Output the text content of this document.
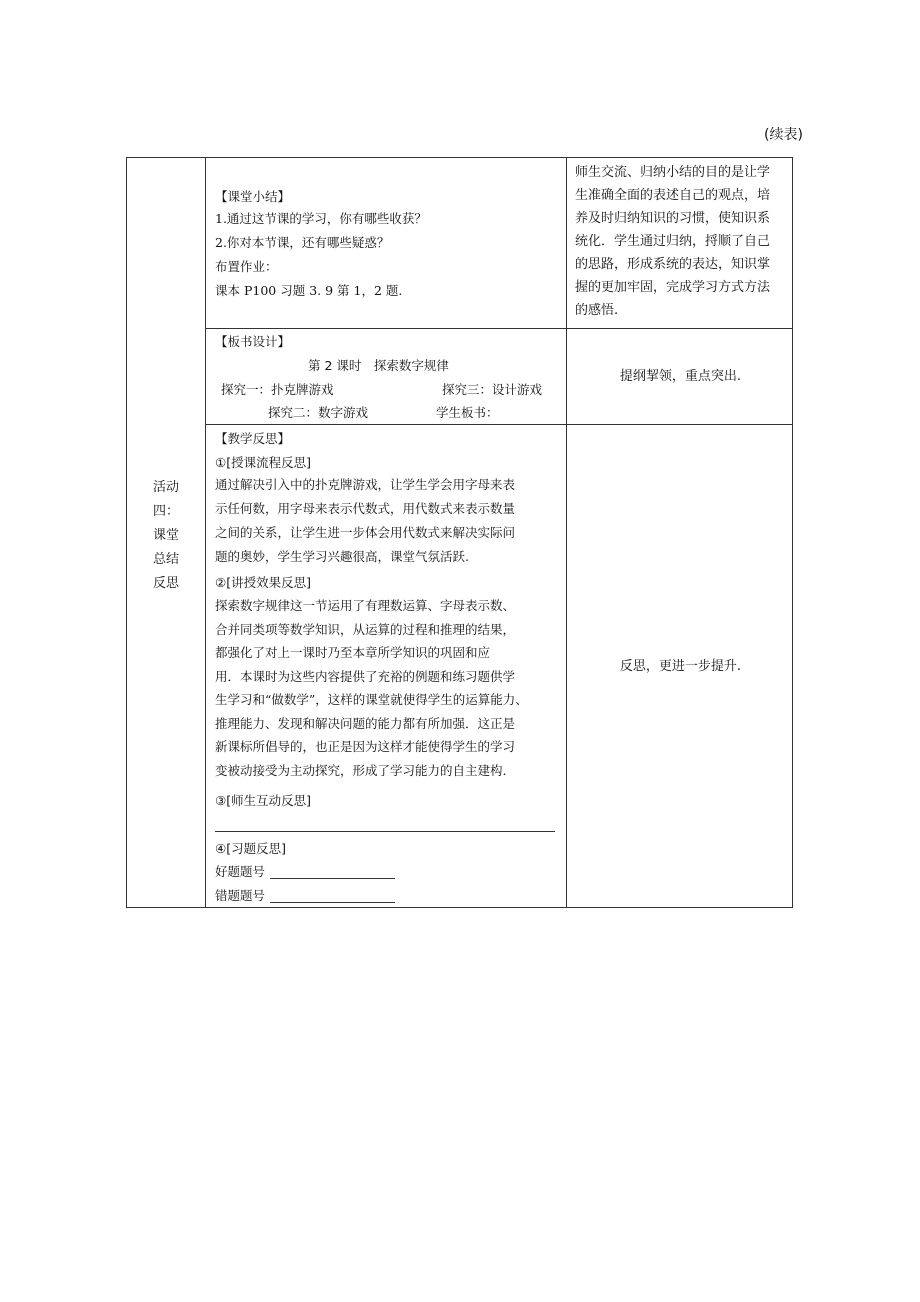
(续表)
活动
四：
课堂
总结
反思
【课堂小结】
1.通过这节课的学习，你有哪些收获？
2.你对本节课，还有哪些疑惑？
布置作业：
课本 P100 习题 3. 9 第 1，2 题.
师生交流、归纳小结的目的是让学
生准确全面的表述自己的观点，培
养及时归纳知识的习惯，使知识系
统化．学生通过归纳，捋顺了自己
的思路，形成系统的表达，知识掌
握的更加牢固，完成学习方式方法
的感悟.
【板书设计】
第 2 课时　探索数字规律
探究一：扑克牌游戏	探究三：设计游戏
探究二：数字游戏	学生板书：
提纲挈领，重点突出.
【教学反思】
①[授课流程反思]
通过解决引入中的扑克牌游戏，让学生学会用字母来表
示任何数，用字母来表示代数式，用代数式来表示数量
之间的关系，让学生进一步体会用代数式来解决实际问
题的奥妙，学生学习兴趣很高，课堂气氛活跃.
②[讲授效果反思]
探索数字规律这一节运用了有理数运算、字母表示数、
合并同类项等数学知识，从运算的过程和推理的结果，
都强化了对上一课时乃至本章所学知识的巩固和应
用．本课时为这些内容提供了充裕的例题和练习题供学
生学习和“做数学”，这样的课堂就使得学生的运算能力、
推理能力、发现和解决问题的能力都有所加强．这正是
新课标所倡导的，也正是因为这样才能使得学生的学习
变被动接受为主动探究，形成了学习能力的自主建构.
③[师生互动反思]
④[习题反思]
好题题号
错题题号
反思，更进一步提升.
